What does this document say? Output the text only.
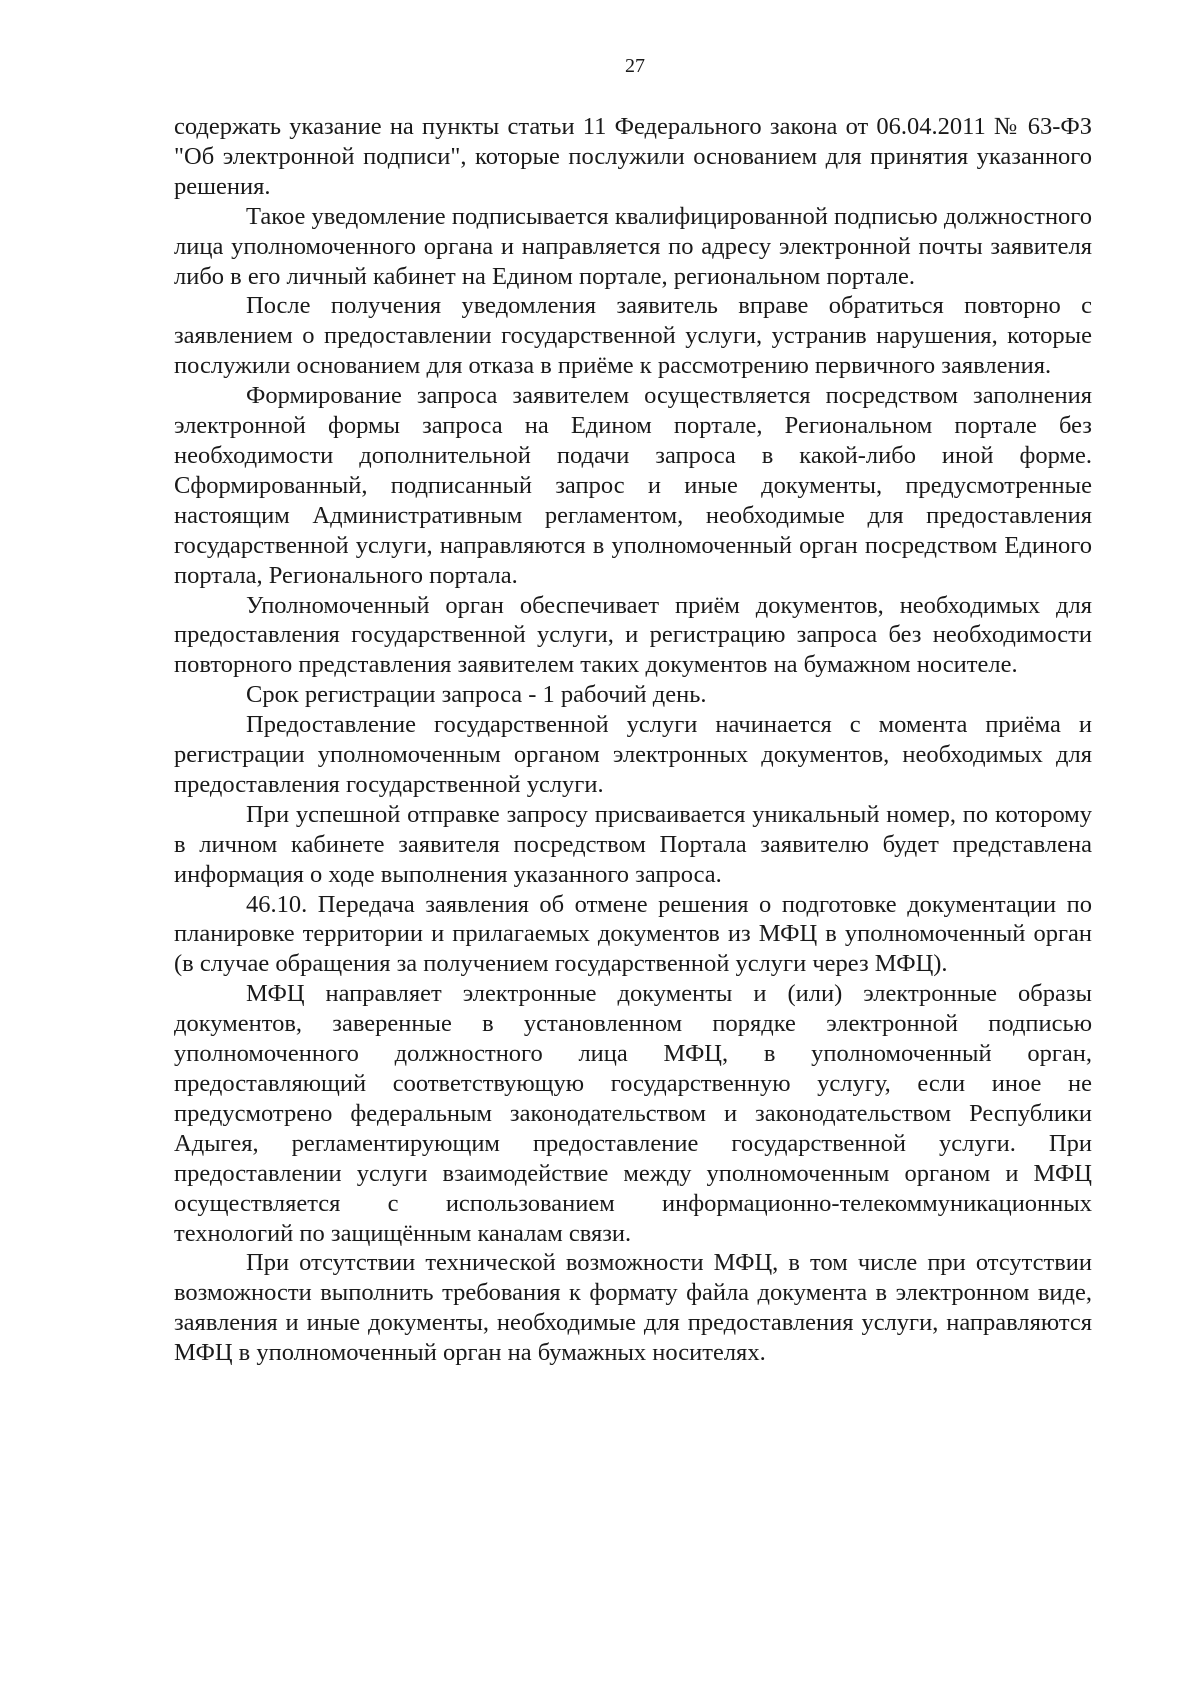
27

содержать указание на пункты статьи 11 Федерального закона от 06.04.2011 № 63-ФЗ "Об электронной подписи", которые послужили основанием для принятия указанного решения.

Такое уведомление подписывается квалифицированной подписью должностного лица уполномоченного органа и направляется по адресу электронной почты заявителя либо в его личный кабинет на Едином портале, региональном портале.

После получения уведомления заявитель вправе обратиться повторно с заявлением о предоставлении государственной услуги, устранив нарушения, которые послужили основанием для отказа в приёме к рассмотрению первичного заявления.

Формирование запроса заявителем осуществляется посредством заполнения электронной формы запроса на Едином портале, Региональном портале без необходимости дополнительной подачи запроса в какой-либо иной форме. Сформированный, подписанный запрос и иные документы, предусмотренные настоящим Административным регламентом, необходимые для предоставления государственной услуги, направляются в уполномоченный орган посредством Единого портала, Регионального портала.

Уполномоченный орган обеспечивает приём документов, необходимых для предоставления государственной услуги, и регистрацию запроса без необходимости повторного представления заявителем таких документов на бумажном носителе.

Срок регистрации запроса - 1 рабочий день.

Предоставление государственной услуги начинается с момента приёма и регистрации уполномоченным органом электронных документов, необходимых для предоставления государственной услуги.

При успешной отправке запросу присваивается уникальный номер, по которому в личном кабинете заявителя посредством Портала заявителю будет представлена информация о ходе выполнения указанного запроса.

46.10. Передача заявления об отмене решения о подготовке документации по планировке территории и прилагаемых документов из МФЦ в уполномоченный орган (в случае обращения за получением государственной услуги через МФЦ).

МФЦ направляет электронные документы и (или) электронные образы документов, заверенные в установленном порядке электронной подписью уполномоченного должностного лица МФЦ, в уполномоченный орган, предоставляющий соответствующую государственную услугу, если иное не предусмотрено федеральным законодательством и законодательством Республики Адыгея, регламентирующим предоставление государственной услуги. При предоставлении услуги взаимодействие между уполномоченным органом и МФЦ осуществляется с использованием информационно-телекоммуникационных технологий по защищённым каналам связи.

При отсутствии технической возможности МФЦ, в том числе при отсутствии возможности выполнить требования к формату файла документа в электронном виде, заявления и иные документы, необходимые для предоставления услуги, направляются МФЦ в уполномоченный орган на бумажных носителях.
